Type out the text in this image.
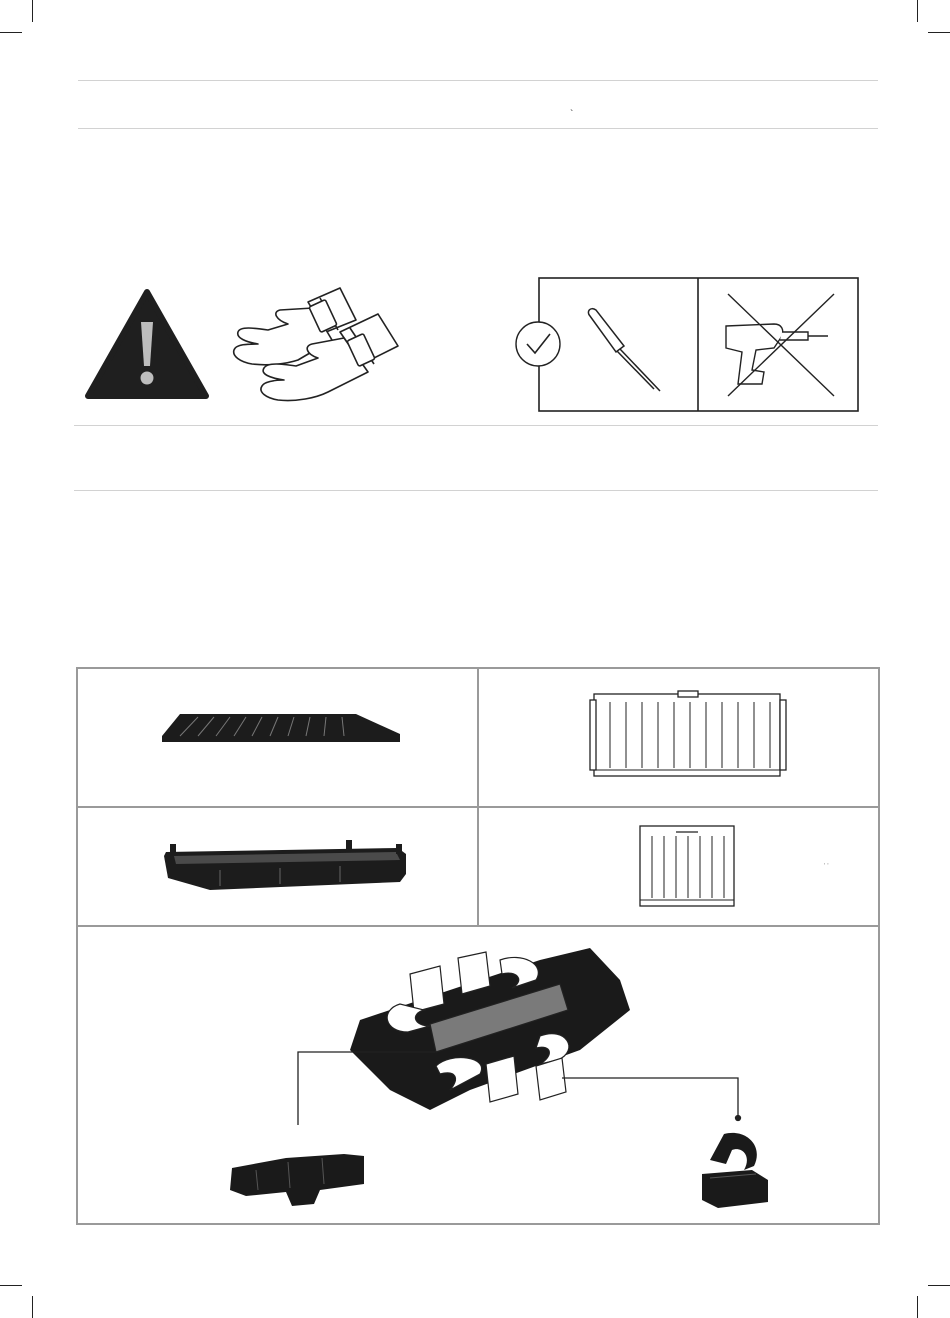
`
' '
